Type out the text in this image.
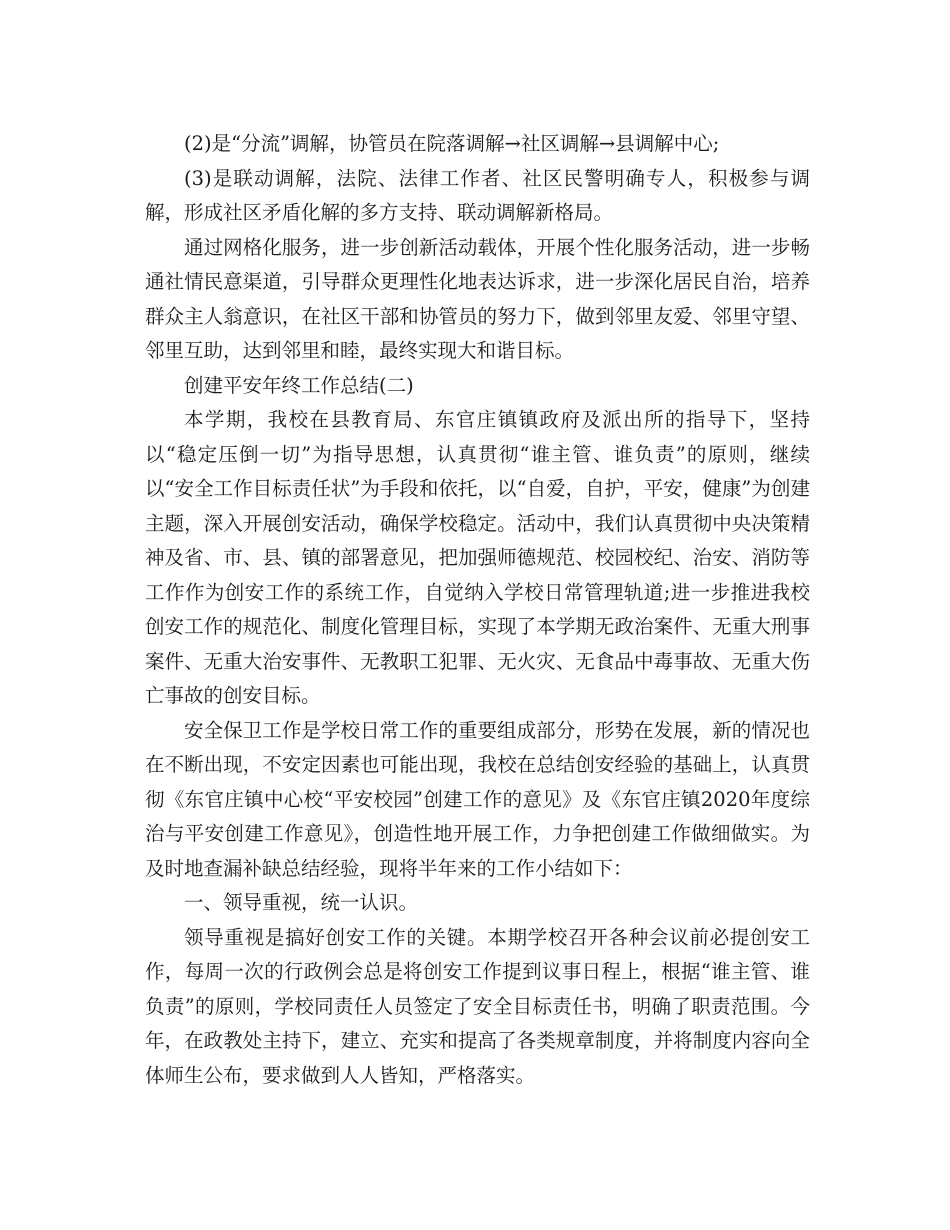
(2)是“分流”调解，协管员在院落调解→社区调解→县调解中心;

(3)是联动调解，法院、法律工作者、社区民警明确专人，积极参与调解，形成社区矛盾化解的多方支持、联动调解新格局。

通过网格化服务，进一步创新活动载体，开展个性化服务活动，进一步畅通社情民意渠道，引导群众更理性化地表达诉求，进一步深化居民自治，培养群众主人翁意识，在社区干部和协管员的努力下，做到邻里友爱、邻里守望、邻里互助，达到邻里和睦，最终实现大和谐目标。

创建平安年终工作总结(二)

本学期，我校在县教育局、东官庄镇镇政府及派出所的指导下，坚持以“稳定压倒一切”为指导思想，认真贯彻“谁主管、谁负责”的原则，继续以“安全工作目标责任状”为手段和依托，以“自爱，自护，平安，健康”为创建主题，深入开展创安活动，确保学校稳定。活动中，我们认真贯彻中央决策精神及省、市、县、镇的部署意见，把加强师德规范、校园校纪、治安、消防等工作作为创安工作的系统工作，自觉纳入学校日常管理轨道;进一步推进我校创安工作的规范化、制度化管理目标，实现了本学期无政治案件、无重大刑事案件、无重大治安事件、无教职工犯罪、无火灾、无食品中毒事故、无重大伤亡事故的创安目标。

安全保卫工作是学校日常工作的重要组成部分，形势在发展，新的情况也在不断出现，不安定因素也可能出现，我校在总结创安经验的基础上，认真贯彻《东官庄镇中心校“平安校园”创建工作的意见》及《东官庄镇2020年度综治与平安创建工作意见》，创造性地开展工作，力争把创建工作做细做实。为及时地查漏补缺总结经验，现将半年来的工作小结如下：

一、领导重视，统一认识。

领导重视是搞好创安工作的关键。本期学校召开各种会议前必提创安工作，每周一次的行政例会总是将创安工作提到议事日程上，根据“谁主管、谁负责”的原则，学校同责任人员签定了安全目标责任书，明确了职责范围。今年，在政教处主持下，建立、充实和提高了各类规章制度，并将制度内容向全体师生公布，要求做到人人皆知，严格落实。
